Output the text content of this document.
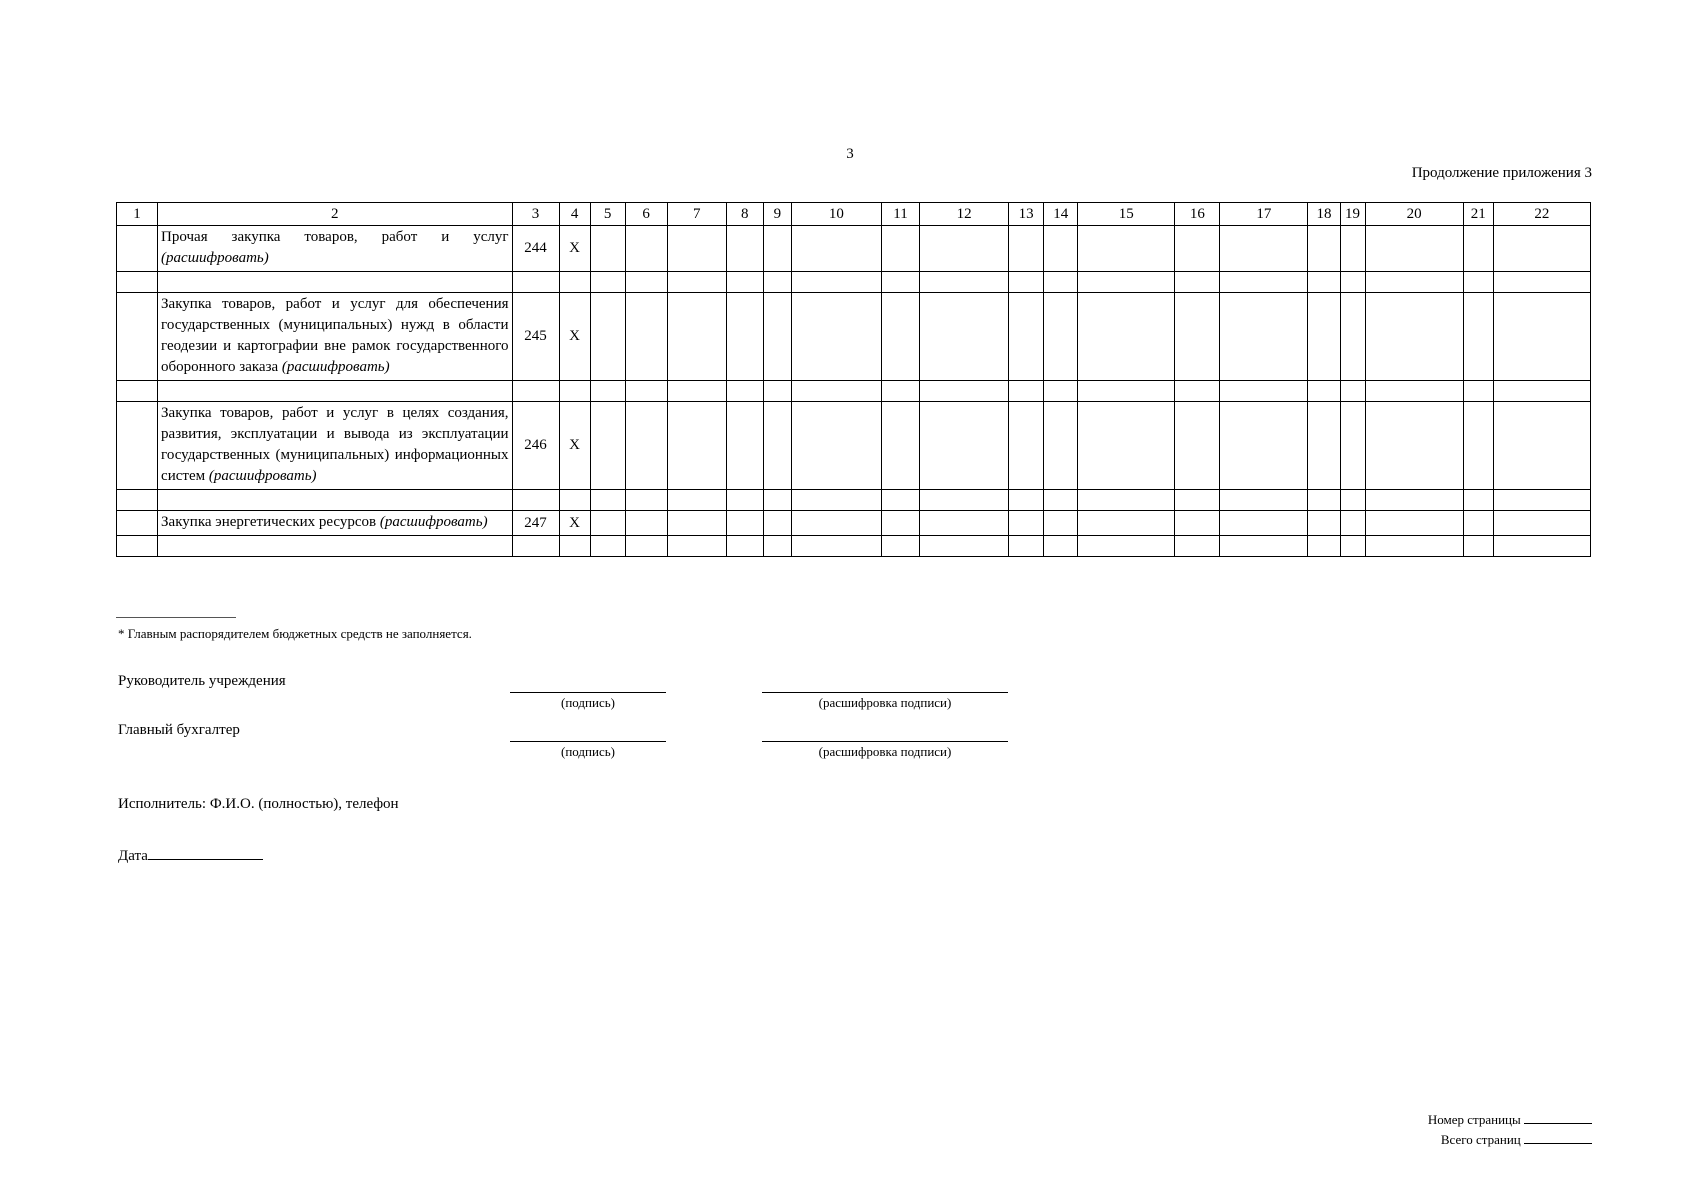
3
Продолжение приложения 3
1	2	3	4	5	6	7	8	9	10	11	12	13	14	15	16	17	18	19	20	21	22
	Прочая закупка товаров, работ и услуг (расшифровать)	244	X																		

	Закупка товаров, работ и услуг для обеспечения государственных (муниципальных) нужд в области геодезии и картографии вне рамок государственного оборонного заказа (расшифровать)	245	X																		

	Закупка товаров, работ и услуг в целях создания, развития, эксплуатации и вывода из эксплуатации государственных (муниципальных) информационных систем (расшифровать)	246	X																		

	Закупка энергетических ресурсов (расшифровать)	247	X																		

* Главным распорядителем бюджетных средств не заполняется.
Руководитель учреждения
(подпись)	(расшифровка подписи)
Главный бухгалтер
(подпись)	(расшифровка подписи)
Исполнитель: Ф.И.О. (полностью), телефон
Дата
Номер страницы
Всего страниц
